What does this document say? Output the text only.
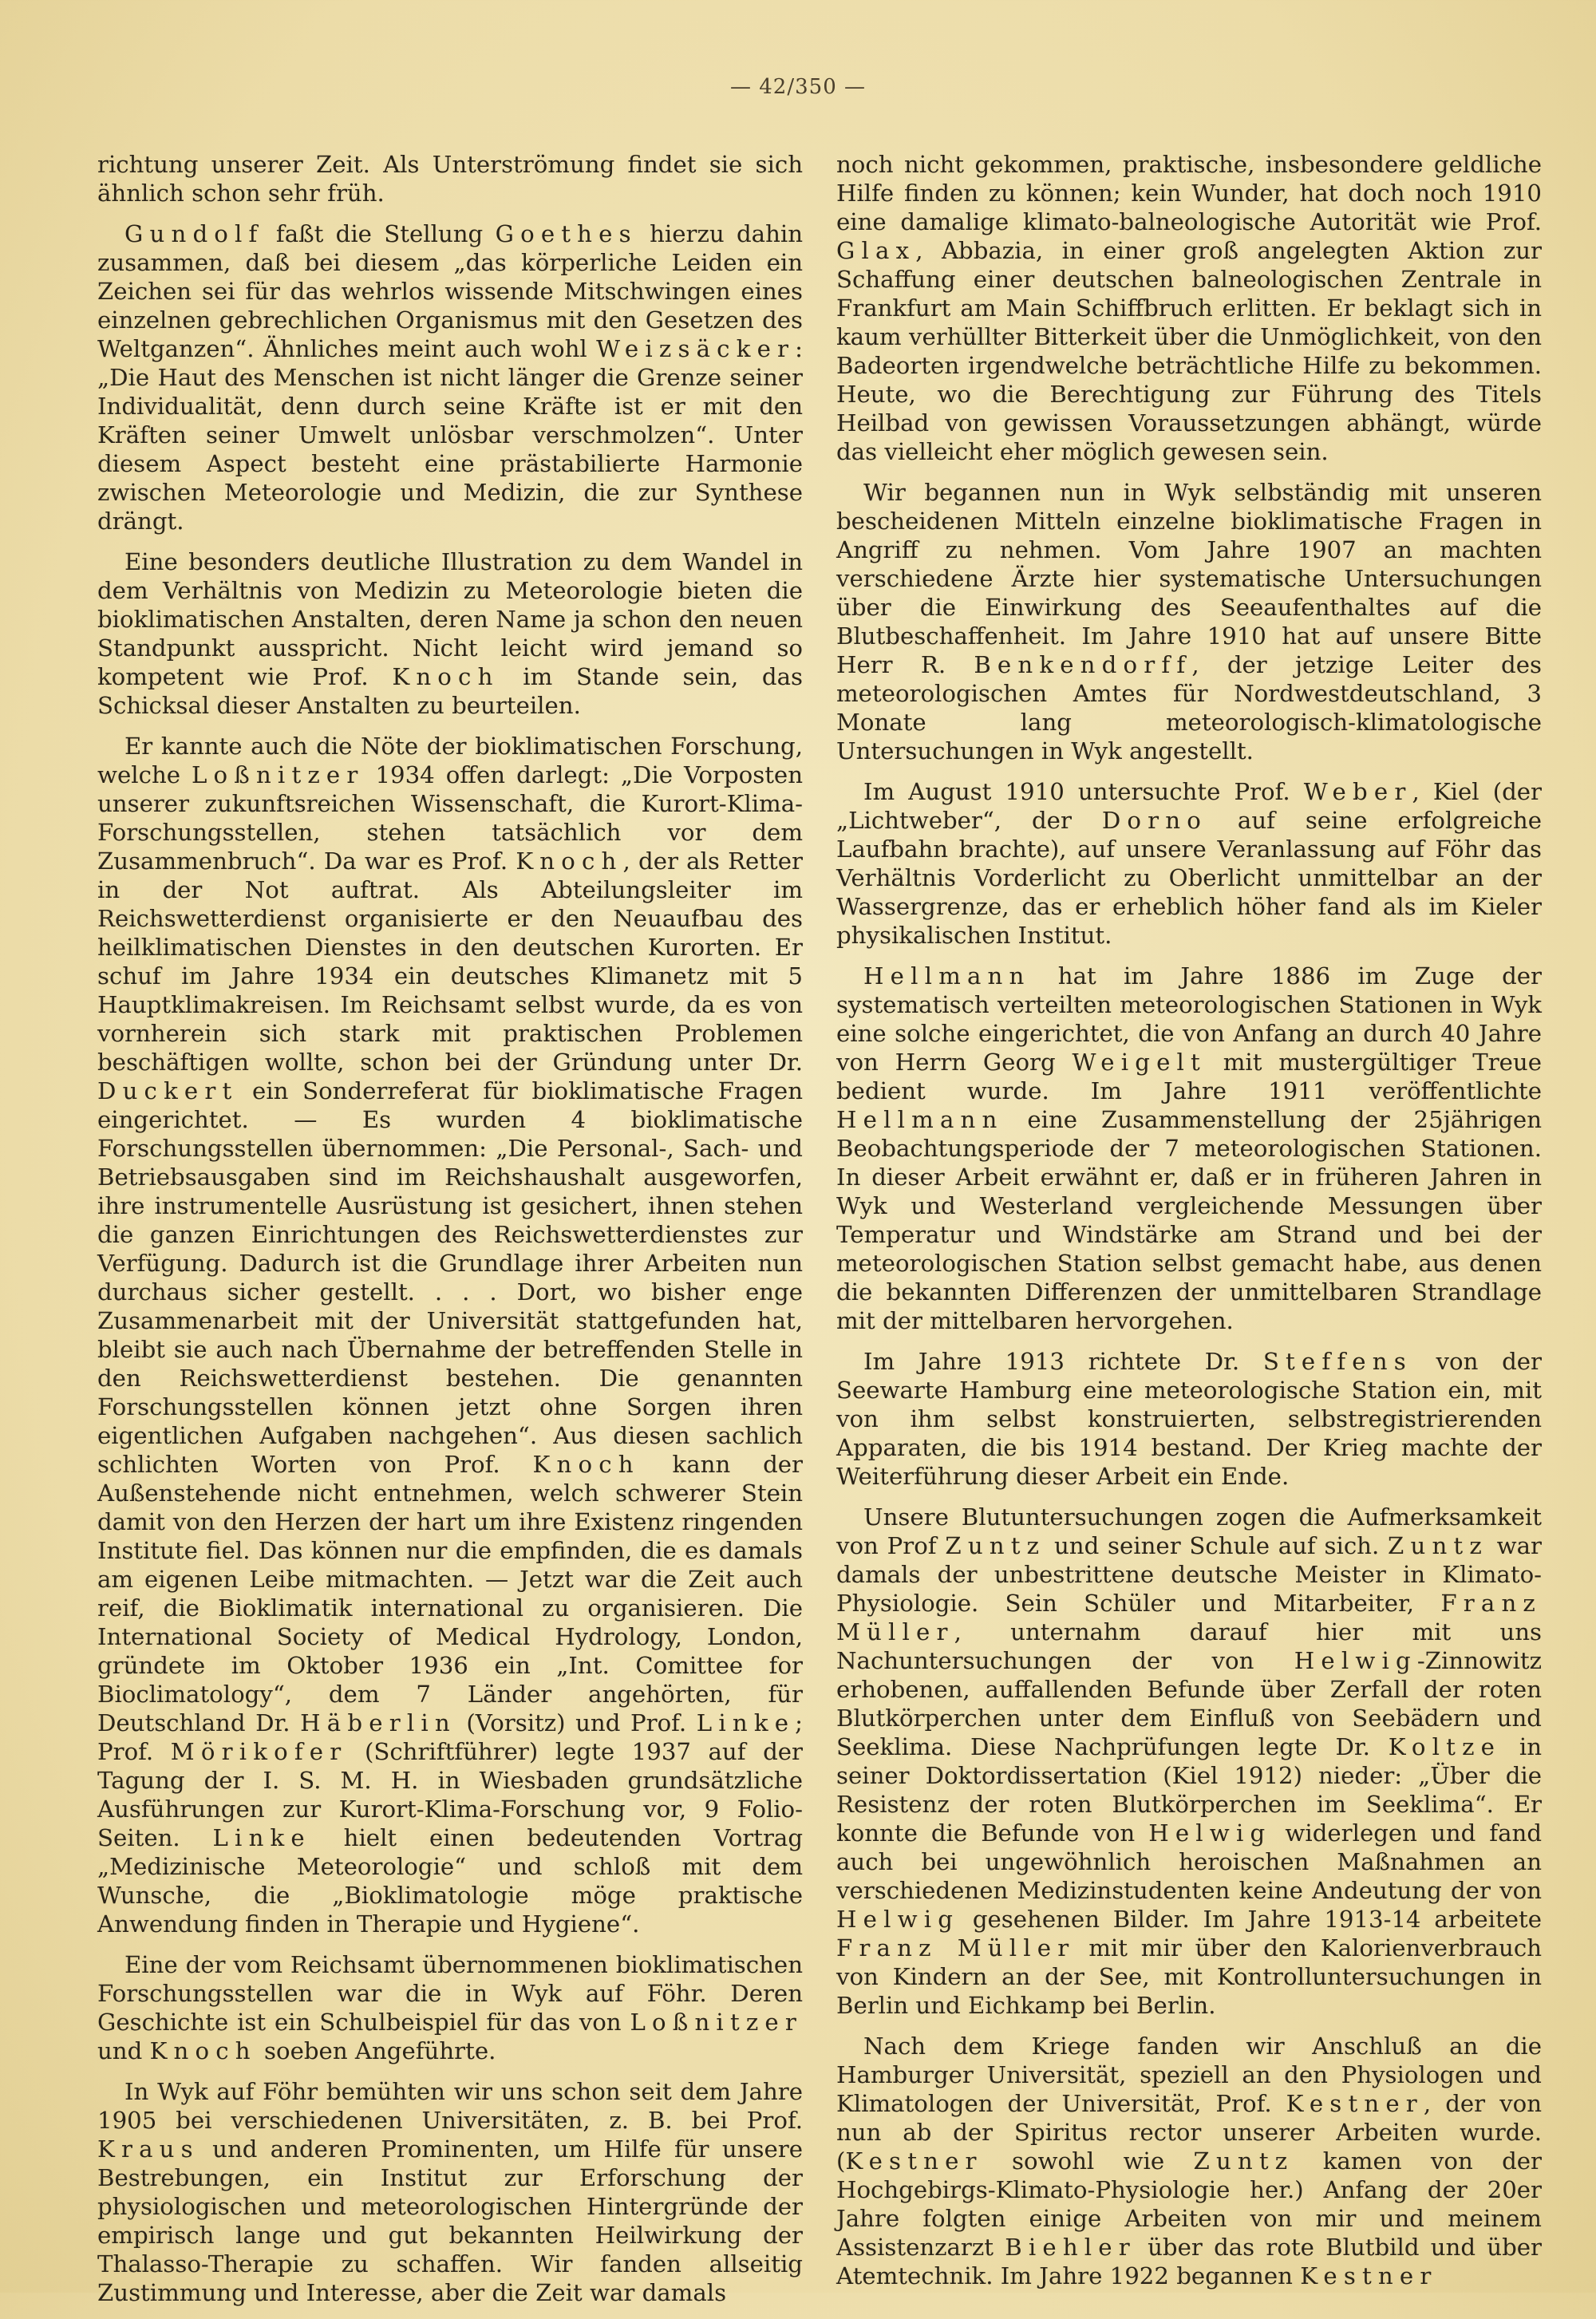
— 42/350 —

richtung unserer Zeit. Als Unterströmung findet sie sich ähnlich schon sehr früh.

Gundolf faßt die Stellung Goethes hierzu dahin zusammen, daß bei diesem „das körperliche Leiden ein Zeichen sei für das wehrlos wissende Mitschwingen eines einzelnen gebrechlichen Organismus mit den Gesetzen des Weltganzen“. Ähnliches meint auch wohl Weizsäcker: „Die Haut des Menschen ist nicht länger die Grenze seiner Individualität, denn durch seine Kräfte ist er mit den Kräften seiner Umwelt unlösbar verschmolzen“. Unter diesem Aspect besteht eine prästabilierte Harmonie zwischen Meteorologie und Medizin, die zur Synthese drängt.

Eine besonders deutliche Illustration zu dem Wandel in dem Verhältnis von Medizin zu Meteorologie bieten die bioklimatischen Anstalten, deren Name ja schon den neuen Standpunkt ausspricht. Nicht leicht wird jemand so kompetent wie Prof. Knoch im Stande sein, das Schicksal dieser Anstalten zu beurteilen.

Er kannte auch die Nöte der bioklimatischen Forschung, welche Loßnitzer 1934 offen darlegt: „Die Vorposten unserer zukunftsreichen Wissenschaft, die Kurort-Klima-Forschungsstellen, stehen tatsächlich vor dem Zusammenbruch“. Da war es Prof. Knoch, der als Retter in der Not auftrat. Als Abteilungsleiter im Reichswetterdienst organisierte er den Neuaufbau des heilklimatischen Dienstes in den deutschen Kurorten. Er schuf im Jahre 1934 ein deutsches Klimanetz mit 5 Hauptklimakreisen. Im Reichsamt selbst wurde, da es von vornherein sich stark mit praktischen Problemen beschäftigen wollte, schon bei der Gründung unter Dr. Duckert ein Sonderreferat für bioklimatische Fragen eingerichtet. — Es wurden 4 bioklimatische Forschungsstellen übernommen: „Die Personal-, Sach- und Betriebsausgaben sind im Reichshaushalt ausgeworfen, ihre instrumentelle Ausrüstung ist gesichert, ihnen stehen die ganzen Einrichtungen des Reichswetterdienstes zur Verfügung. Dadurch ist die Grundlage ihrer Arbeiten nun durchaus sicher gestellt. . . . Dort, wo bisher enge Zusammenarbeit mit der Universität stattgefunden hat, bleibt sie auch nach Übernahme der betreffenden Stelle in den Reichswetterdienst bestehen. Die genannten Forschungsstellen können jetzt ohne Sorgen ihren eigentlichen Aufgaben nachgehen“. Aus diesen sachlich schlichten Worten von Prof. Knoch kann der Außenstehende nicht entnehmen, welch schwerer Stein damit von den Herzen der hart um ihre Existenz ringenden Institute fiel. Das können nur die empfinden, die es damals am eigenen Leibe mitmachten. — Jetzt war die Zeit auch reif, die Bioklimatik international zu organisieren. Die International Society of Medical Hydrology, London, gründete im Oktober 1936 ein „Int. Comittee for Bioclimatology“, dem 7 Länder angehörten, für Deutschland Dr. Häberlin (Vorsitz) und Prof. Linke; Prof. Mörikofer (Schriftführer) legte 1937 auf der Tagung der I. S. M. H. in Wiesbaden grundsätzliche Ausführungen zur Kurort-Klima-Forschung vor, 9 Folio-Seiten. Linke hielt einen bedeutenden Vortrag „Medizinische Meteorologie“ und schloß mit dem Wunsche, die „Bioklimatologie möge praktische Anwendung finden in Therapie und Hygiene“.

Eine der vom Reichsamt übernommenen bioklimatischen Forschungsstellen war die in Wyk auf Föhr. Deren Geschichte ist ein Schulbeispiel für das von Loßnitzer und Knoch soeben Angeführte.

In Wyk auf Föhr bemühten wir uns schon seit dem Jahre 1905 bei verschiedenen Universitäten, z. B. bei Prof. Kraus und anderen Prominenten, um Hilfe für unsere Bestrebungen, ein Institut zur Erforschung der physiologischen und meteorologischen Hintergründe der empirisch lange und gut bekannten Heilwirkung der Thalasso-Therapie zu schaffen. Wir fanden allseitig Zustimmung und Interesse, aber die Zeit war damals

noch nicht gekommen, praktische, insbesondere geldliche Hilfe finden zu können; kein Wunder, hat doch noch 1910 eine damalige klimato-balneologische Autorität wie Prof. Glax, Abbazia, in einer groß angelegten Aktion zur Schaffung einer deutschen balneologischen Zentrale in Frankfurt am Main Schiffbruch erlitten. Er beklagt sich in kaum verhüllter Bitterkeit über die Unmöglichkeit, von den Badeorten irgendwelche beträchtliche Hilfe zu bekommen. Heute, wo die Berechtigung zur Führung des Titels Heilbad von gewissen Voraussetzungen abhängt, würde das vielleicht eher möglich gewesen sein.

Wir begannen nun in Wyk selbständig mit unseren bescheidenen Mitteln einzelne bioklimatische Fragen in Angriff zu nehmen. Vom Jahre 1907 an machten verschiedene Ärzte hier systematische Untersuchungen über die Einwirkung des Seeaufenthaltes auf die Blutbeschaffenheit. Im Jahre 1910 hat auf unsere Bitte Herr R. Benkendorff, der jetzige Leiter des meteorologischen Amtes für Nordwestdeutschland, 3 Monate lang meteorologisch-klimatologische Untersuchungen in Wyk angestellt.

Im August 1910 untersuchte Prof. Weber, Kiel (der „Lichtweber“, der Dorno auf seine erfolgreiche Laufbahn brachte), auf unsere Veranlassung auf Föhr das Verhältnis Vorderlicht zu Oberlicht unmittelbar an der Wassergrenze, das er erheblich höher fand als im Kieler physikalischen Institut.

Hellmann hat im Jahre 1886 im Zuge der systematisch verteilten meteorologischen Stationen in Wyk eine solche eingerichtet, die von Anfang an durch 40 Jahre von Herrn Georg Weigelt mit mustergültiger Treue bedient wurde. Im Jahre 1911 veröffentlichte Hellmann eine Zusammenstellung der 25jährigen Beobachtungsperiode der 7 meteorologischen Stationen. In dieser Arbeit erwähnt er, daß er in früheren Jahren in Wyk und Westerland vergleichende Messungen über Temperatur und Windstärke am Strand und bei der meteorologischen Station selbst gemacht habe, aus denen die bekannten Differenzen der unmittelbaren Strandlage mit der mittelbaren hervorgehen.

Im Jahre 1913 richtete Dr. Steffens von der Seewarte Hamburg eine meteorologische Station ein, mit von ihm selbst konstruierten, selbstregistrierenden Apparaten, die bis 1914 bestand. Der Krieg machte der Weiterführung dieser Arbeit ein Ende.

Unsere Blutuntersuchungen zogen die Aufmerksamkeit von Prof Zuntz und seiner Schule auf sich. Zuntz war damals der unbestrittene deutsche Meister in Klimato-Physiologie. Sein Schüler und Mitarbeiter, Franz Müller, unternahm darauf hier mit uns Nachuntersuchungen der von Helwig-Zinnowitz erhobenen, auffallenden Befunde über Zerfall der roten Blutkörperchen unter dem Einfluß von Seebädern und Seeklima. Diese Nachprüfungen legte Dr. Koltze in seiner Doktordissertation (Kiel 1912) nieder: „Über die Resistenz der roten Blutkörperchen im Seeklima“. Er konnte die Befunde von Helwig widerlegen und fand auch bei ungewöhnlich heroischen Maßnahmen an verschiedenen Medizinstudenten keine Andeutung der von Helwig gesehenen Bilder. Im Jahre 1913-14 arbeitete Franz Müller mit mir über den Kalorienverbrauch von Kindern an der See, mit Kontrolluntersuchungen in Berlin und Eichkamp bei Berlin.

Nach dem Kriege fanden wir Anschluß an die Hamburger Universität, speziell an den Physiologen und Klimatologen der Universität, Prof. Kestner, der von nun ab der Spiritus rector unserer Arbeiten wurde. (Kestner sowohl wie Zuntz kamen von der Hochgebirgs-Klimato-Physiologie her.) Anfang der 20er Jahre folgten einige Arbeiten von mir und meinem Assistenzarzt Biehler über das rote Blutbild und über Atemtechnik. Im Jahre 1922 begannen Kestner
